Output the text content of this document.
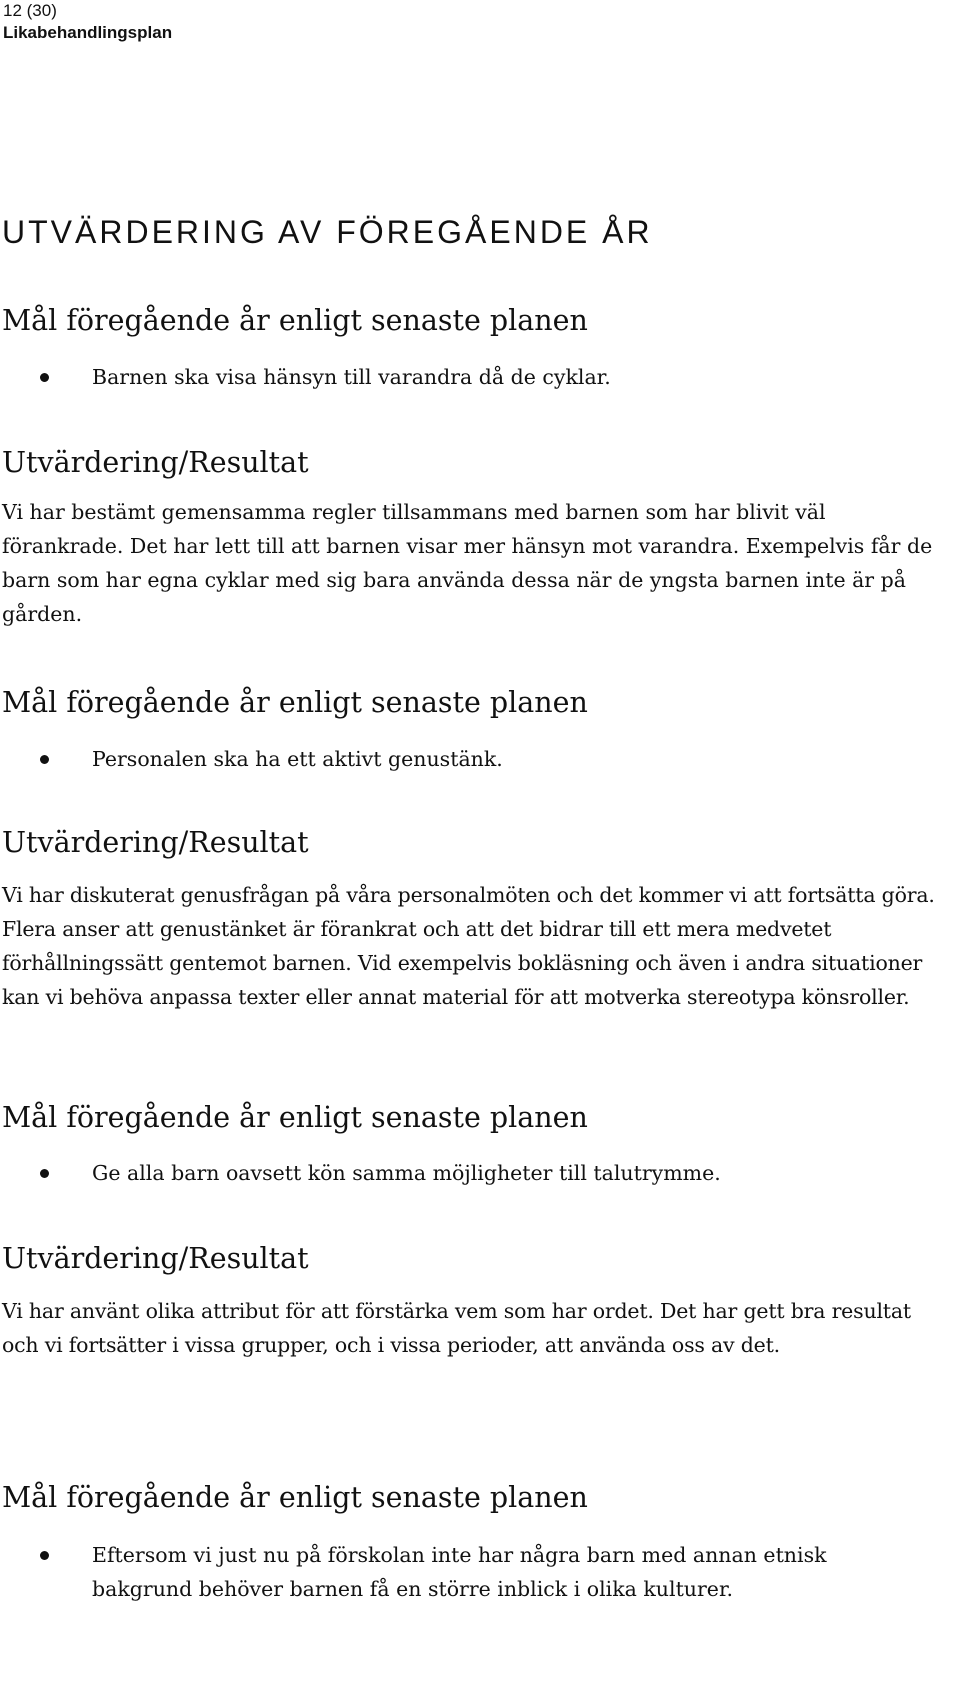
12 (30)
Likabehandlingsplan
UTVÄRDERING AV FÖREGÅENDE ÅR
Mål föregående år enligt senaste planen
Barnen ska visa hänsyn till varandra då de cyklar.
Utvärdering/Resultat

Vi har bestämt gemensamma regler tillsammans med barnen som har blivit väl förankrade. Det har lett till att barnen visar mer hänsyn mot varandra. Exempelvis får de barn som har egna cyklar med sig bara använda dessa när de yngsta barnen inte är på gården.

Mål föregående år enligt senaste planen
Personalen ska ha ett aktivt genustänk.
Utvärdering/Resultat

Vi har diskuterat genusfrågan på våra personalmöten och det kommer vi att fortsätta göra. Flera anser att genustänket är förankrat och att det bidrar till ett mera medvetet förhållningssätt gentemot barnen. Vid exempelvis bokläsning och även i andra situationer kan vi behöva anpassa texter eller annat material för att motverka stereotypa könsroller.

Mål föregående år enligt senaste planen
Ge alla barn oavsett kön samma möjligheter till talutrymme.
Utvärdering/Resultat

Vi har använt olika attribut för att förstärka vem som har ordet. Det har gett bra resultat och vi fortsätter i vissa grupper, och i vissa perioder, att använda oss av det.

Mål föregående år enligt senaste planen
Eftersom vi just nu på förskolan inte har några barn med annan etnisk bakgrund behöver barnen få en större inblick i olika kulturer.
